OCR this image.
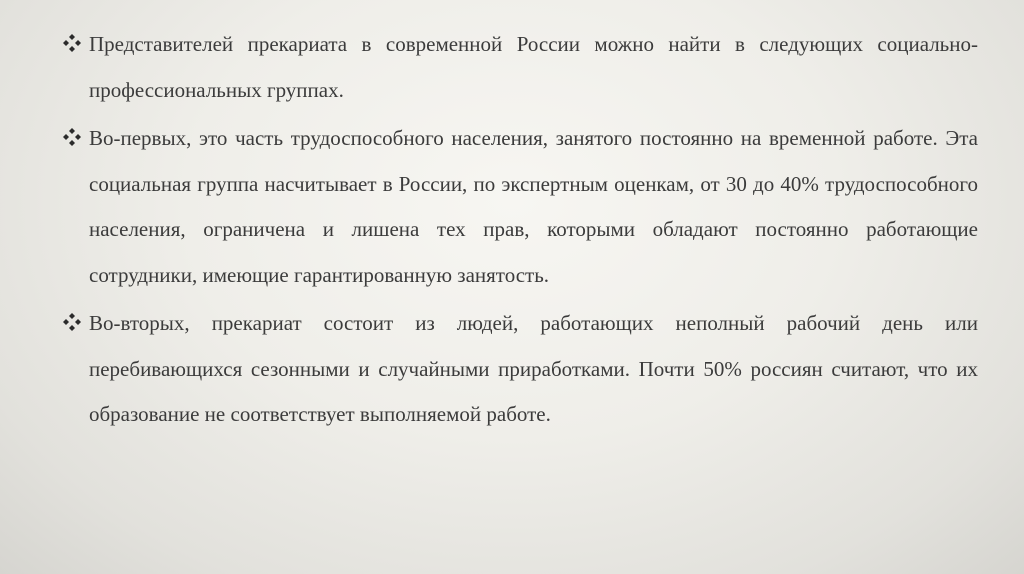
Представителей прекариата в современной России можно найти в следующих социально-профессиональных группах.

Во-первых, это часть трудоспособного населения, занятого постоянно на временной работе. Эта социальная группа насчитывает в России, по экспертным оценкам, от 30 до 40% трудоспособного населения, ограничена и лишена тех прав, которыми обладают постоянно работающие сотрудники, имеющие гарантированную занятость.

Во-вторых, прекариат состоит из людей, работающих неполный рабочий день или перебивающихся сезонными и случайными приработками. Почти 50% россиян считают, что их образование не соответствует выполняемой работе.
